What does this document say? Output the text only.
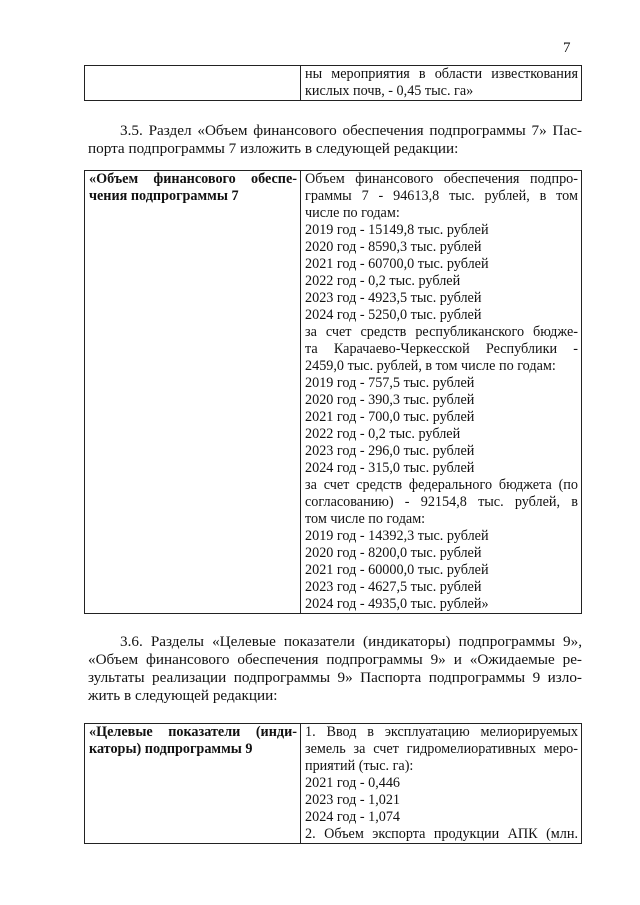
7

ны мероприятия в области известкования
кислых почв, - 0,45 тыс. га»
3.5. Раздел «Объем финансового обеспечения подпрограммы 7» Пас-
порта подпрограммы 7 изложить в следующей редакции:
«Объем финансового обеспе-
чения подпрограммы 7

Объем финансового обеспечения подпро-
граммы 7 - 94613,8 тыс. рублей, в том
числе по годам:
2019 год - 15149,8 тыс. рублей
2020 год - 8590,3 тыс. рублей
2021 год - 60700,0 тыс. рублей
2022 год - 0,2 тыс. рублей
2023 год - 4923,5 тыс. рублей
2024 год - 5250,0 тыс. рублей
за счет средств республиканского бюдже-
та Карачаево-Черкесской Республики -
2459,0 тыс. рублей, в том числе по годам:
2019 год - 757,5 тыс. рублей
2020 год - 390,3 тыс. рублей
2021 год - 700,0 тыс. рублей
2022 год - 0,2 тыс. рублей
2023 год - 296,0 тыс. рублей
2024 год - 315,0 тыс. рублей
за счет средств федерального бюджета (по
согласованию) - 92154,8 тыс. рублей, в
том числе по годам:
2019 год - 14392,3 тыс. рублей
2020 год - 8200,0 тыс. рублей
2021 год - 60000,0 тыс. рублей
2023 год - 4627,5 тыс. рублей
2024 год - 4935,0 тыс. рублей»
3.6. Разделы «Целевые показатели (индикаторы) подпрограммы 9»,
«Объем финансового обеспечения подпрограммы 9» и «Ожидаемые ре-
зультаты реализации подпрограммы 9» Паспорта подпрограммы 9 изло-
жить в следующей редакции:
«Целевые показатели (инди-
каторы) подпрограммы 9

1. Ввод в эксплуатацию мелиорируемых
земель за счет гидромелиоративных меро-
приятий (тыс. га):
2021 год - 0,446
2023 год - 1,021
2024 год - 1,074
2. Объем экспорта продукции АПК (млн.
